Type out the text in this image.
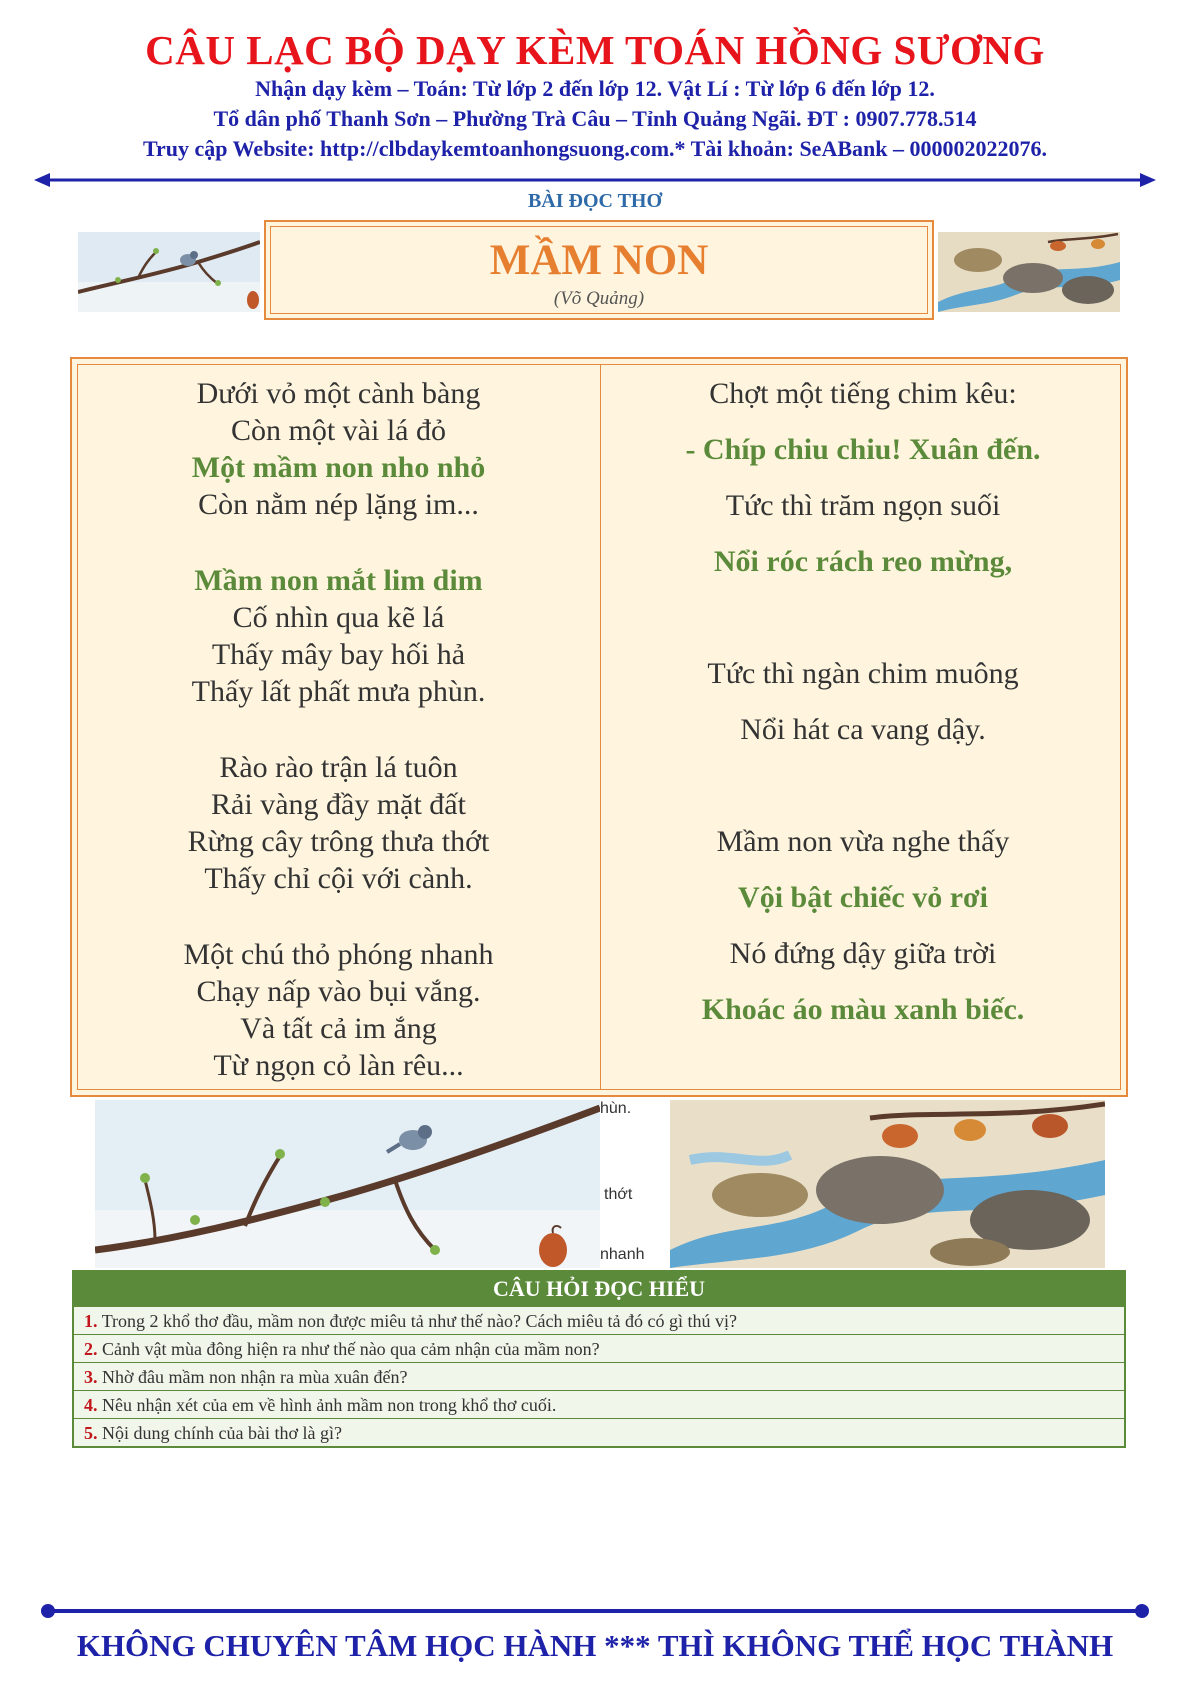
CÂU LẠC BỘ DẠY KÈM TOÁN HỒNG SƯƠNG
Nhận dạy kèm – Toán: Từ lớp 2 đến lớp 12. Vật Lí : Từ lớp 6 đến lớp 12.
Tổ dân phố Thanh Sơn – Phường Trà Câu – Tỉnh Quảng Ngãi. ĐT : 0907.778.514
Truy cập Website: http://clbdaykemtoanhongsuong.com.* Tài khoản: SeABank – 000002022076.
BÀI ĐỌC THƠ
MẦM NON
(Võ Quảng)
Dưới vỏ một cành bàng
Còn một vài lá đỏ
Một mầm non nho nhỏ
Còn nằm nép lặng im...
Mầm non mắt lim dim
Cố nhìn qua kẽ lá
Thấy mây bay hối hả
Thấy lất phất mưa phùn.
Rào rào trận lá tuôn
Rải vàng đầy mặt đất
Rừng cây trông thưa thớt
Thấy chỉ cội với cành.
Một chú thỏ phóng nhanh
Chạy nấp vào bụi vắng.
Và tất cả im ắng
Từ ngọn cỏ làn rêu...
Chợt một tiếng chim kêu:
- Chíp chiu chiu! Xuân đến.
Tức thì trăm ngọn suối
Nổi róc rách reo mừng,
Tức thì ngàn chim muông
Nổi hát ca vang dậy.
Mầm non vừa nghe thấy
Vội bật chiếc vỏ rơi
Nó đứng dậy giữa trời
Khoác áo màu xanh biếc.
hùn.
thớt
nhanh
CÂU HỎI ĐỌC HIỂU
1. Trong 2 khổ thơ đầu, mầm non được miêu tả như thế nào? Cách miêu tả đó có gì thú vị?
2. Cảnh vật mùa đông hiện ra như thế nào qua cảm nhận của mầm non?
3. Nhờ đâu mầm non nhận ra mùa xuân đến?
4. Nêu nhận xét của em về hình ảnh mầm non trong khổ thơ cuối.
5. Nội dung chính của bài thơ là gì?
KHÔNG CHUYÊN TÂM HỌC HÀNH *** THÌ KHÔNG THỂ HỌC THÀNH
